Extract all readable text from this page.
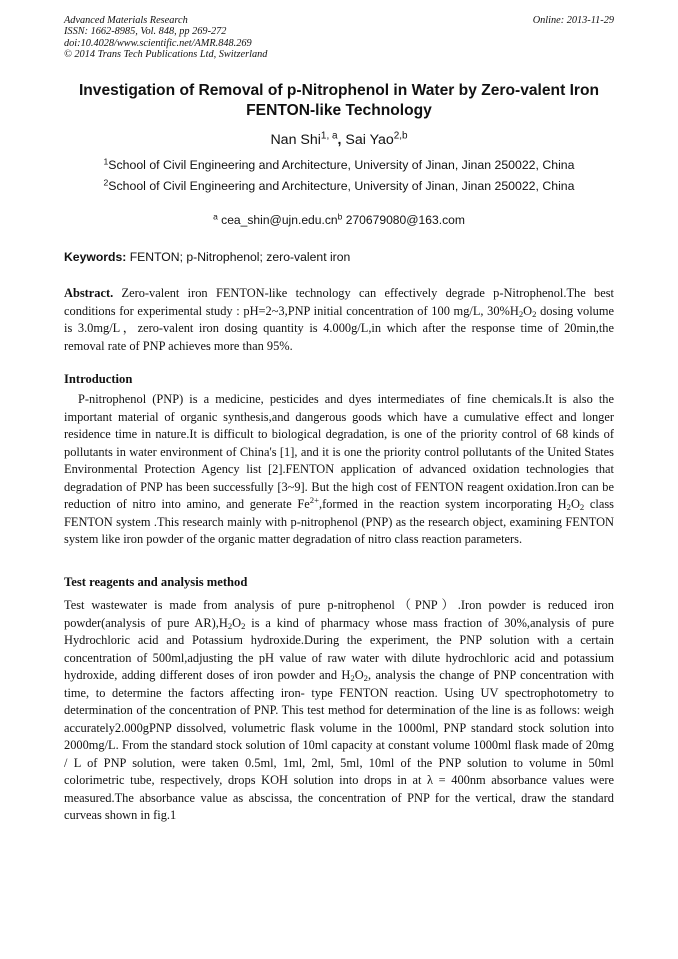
Advanced Materials Research
ISSN: 1662-8985, Vol. 848, pp 269-272
doi:10.4028/www.scientific.net/AMR.848.269
© 2014 Trans Tech Publications Ltd, Switzerland
Online: 2013-11-29
Investigation of Removal of p-Nitrophenol in Water by Zero-valent Iron FENTON-like Technology
Nan Shi$^{1, a}$, Sai Yao$^{2,b}$
$^1$School of Civil Engineering and Architecture, University of Jinan, Jinan 250022, China
$^2$School of Civil Engineering and Architecture, University of Jinan, Jinan 250022, China
$^a$ $cea\_shin@ujn.edu.cn^b$ 270679080@163.com
Keywords: FENTON; p-Nitrophenol; zero-valent iron
Abstract. Zero-valent iron FENTON-like technology can effectively degrade p-Nitrophenol.The best conditions for experimental study : pH=2~3,PNP initial concentration of 100 mg/L, $30\%H_2O_2$ dosing volume is 3.0mg/L，zero-valent iron dosing quantity is 4.000g/L,in which after the response time of 20min,the removal rate of PNP achieves more than 95%.
Introduction
P-nitrophenol (PNP) is a medicine, pesticides and dyes intermediates of fine chemicals.It is also the important material of organic synthesis,and dangerous goods which have a cumulative effect and longer residence time in nature.It is difficult to biological degradation, is one of the priority control of 68 kinds of pollutants in water environment of China's [1], and it is one the priority control pollutants of the United States Environmental Protection Agency list [2].FENTON application of advanced oxidation technologies that degradation of PNP has been successfully [3~9]. But the high cost of FENTON reagent oxidation.Iron can be reduction of nitro into amino, and generate $Fe^{2+},formed$ in the reaction system incorporating $H_2O_2$ class FENTON system .This research mainly with p-nitrophenol (PNP) as the research object, examining FENTON system like iron powder of the organic matter degradation of nitro class reaction parameters.
Test reagents and analysis method
Test wastewater is made from analysis of pure p-nitrophenol（PNP）.Iron powder is reduced iron powder(analysis of pure $AR),H_2O_2$ is a kind of pharmacy whose mass fraction of 30%,analysis of pure Hydrochloric acid and Potassium hydroxide.During the experiment, the PNP solution with a certain concentration of 500ml,adjusting the pH value of raw water with dilute hydrochloric acid and potassium hydroxide, adding different doses of iron powder and $H_2O_2$, analysis the change of PNP concentration with time, to determine the factors affecting iron- type FENTON reaction. Using UV spectrophotometry to determination of the concentration of PNP. This test method for determination of the line is as follows: weigh accurately2.000gPNP dissolved, volumetric flask volume in the 1000ml, PNP standard stock solution into 2000mg/L. From the standard stock solution of 10ml capacity at constant volume 1000ml flask made of 20mg / L of PNP solution, were taken 0.5ml, 1ml, 2ml, 5ml, 10ml of the PNP solution to volume in 50ml colorimetric tube, respectively, drops KOH solution into drops in at λ = 400nm absorbance values were measured.The absorbance value as abscissa, the concentration of PNP for the vertical, draw the standard curveas shown in fig.1
